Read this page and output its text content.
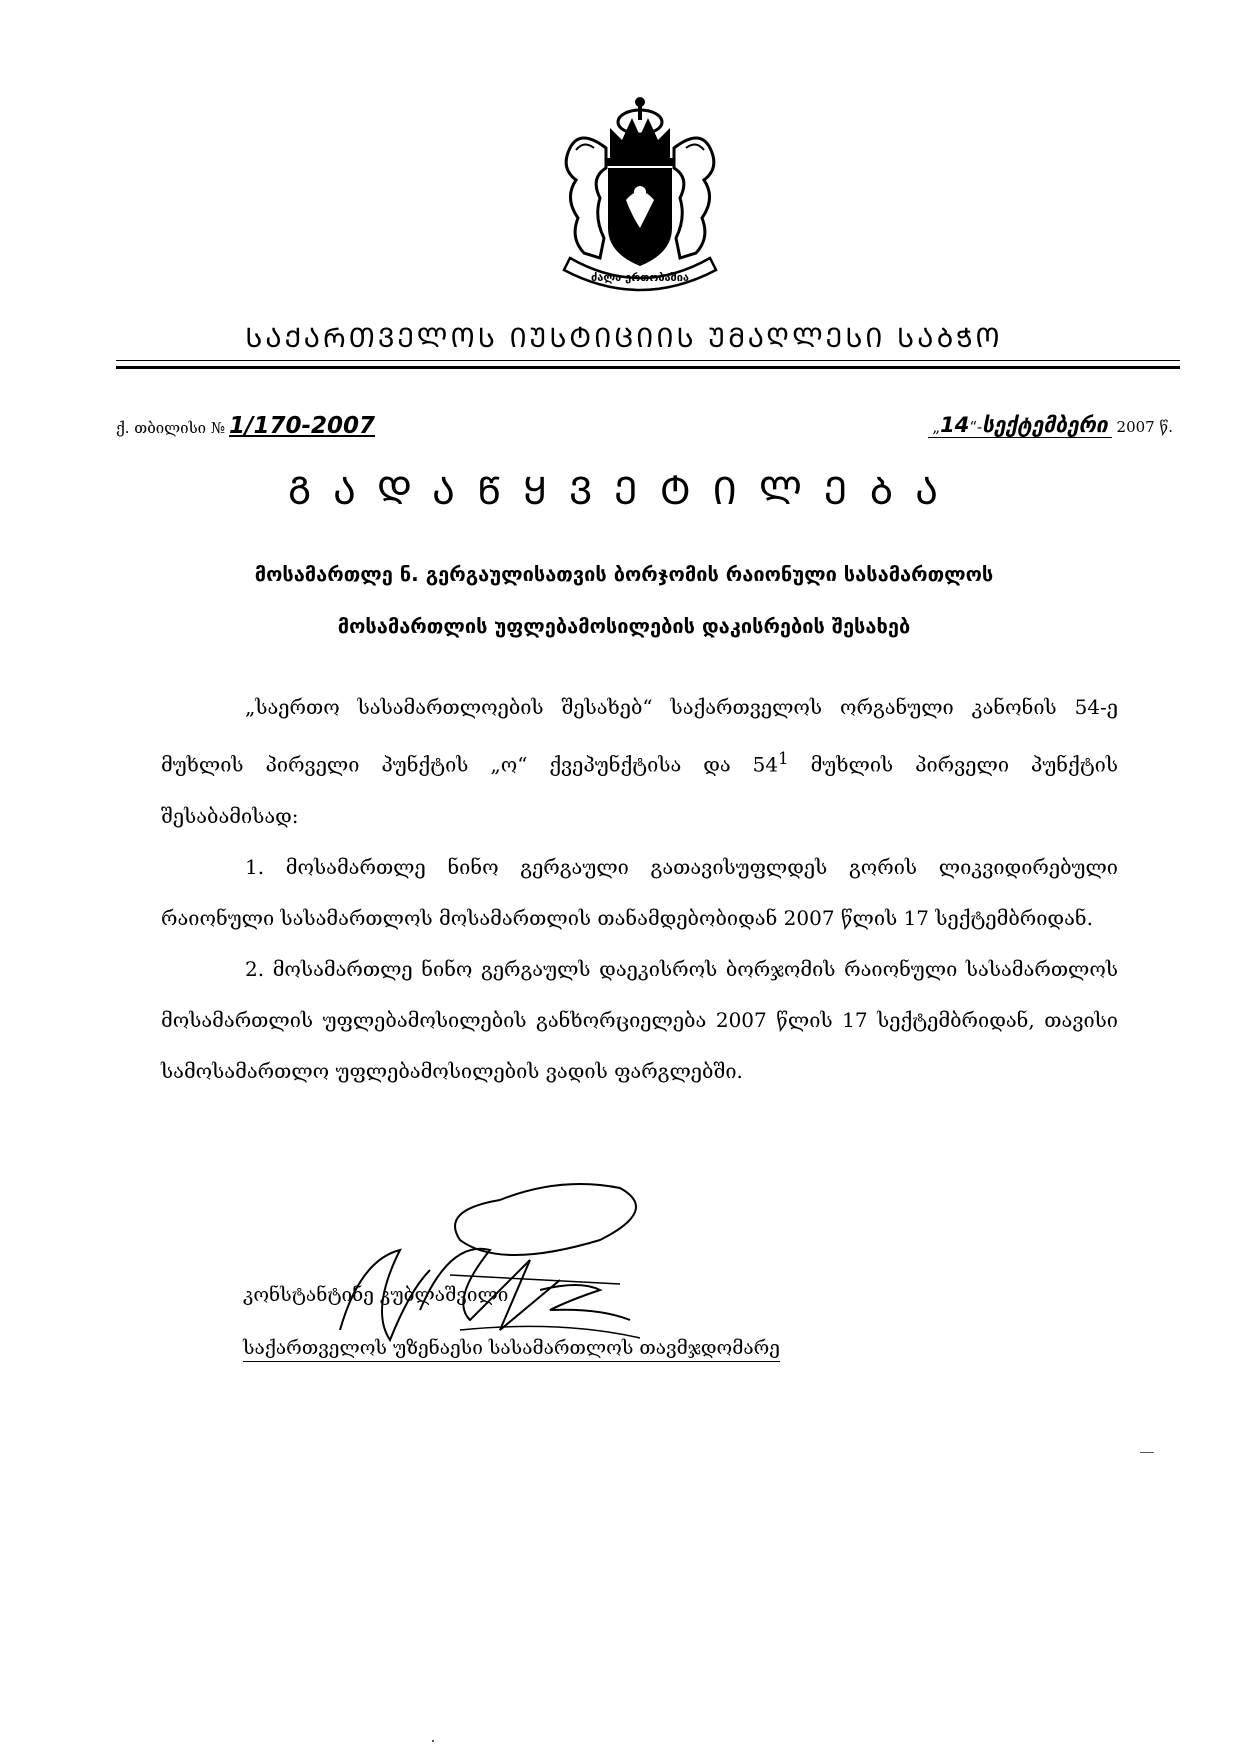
ძალა ერთობაშია
ᲡᲐᲥᲐᲠᲗᲕᲔᲚᲝᲡ ᲘᲣᲡᲢᲘᲪᲘᲘᲡ ᲣᲛᲐᲦᲚᲔᲡᲘ ᲡᲐᲑᲭᲝ
ქ. თბილისი № 1/170-2007	„14“-სექტემბერი 2007 წ.
ᲒᲐᲓᲐᲬᲧᲕᲔᲢᲘᲚᲔᲑᲐ
მოსამართლე ნ. გერგაულისათვის ბორჯომის რაიონული სასამართლოს
მოსამართლის უფლებამოსილების დაკისრების შესახებ

„საერთო სასამართლოების შესახებ“ საქართველოს ორგანული კანონის 54-ე მუხლის პირველი პუნქტის „ო“ ქვეპუნქტისა და $54^1$ მუხლის პირველი პუნქტის შესაბამისად:

1. მოსამართლე ნინო გერგაული გათავისუფლდეს გორის ლიკვიდირებული რაიონული სასამართლოს მოსამართლის თანამდებობიდან 2007 წლის 17 სექტემბრიდან.

2. მოსამართლე ნინო გერგაულს დაეკისროს ბორჯომის რაიონული სასამართლოს მოსამართლის უფლებამოსილების განხორციელება 2007 წლის 17 სექტემბრიდან, თავისი სამოსამართლო უფლებამოსილების ვადის ფარგლებში.

კონსტანტინე კუბლაშვილი
საქართველოს უზენაესი სასამართლოს თავმჯდომარე
